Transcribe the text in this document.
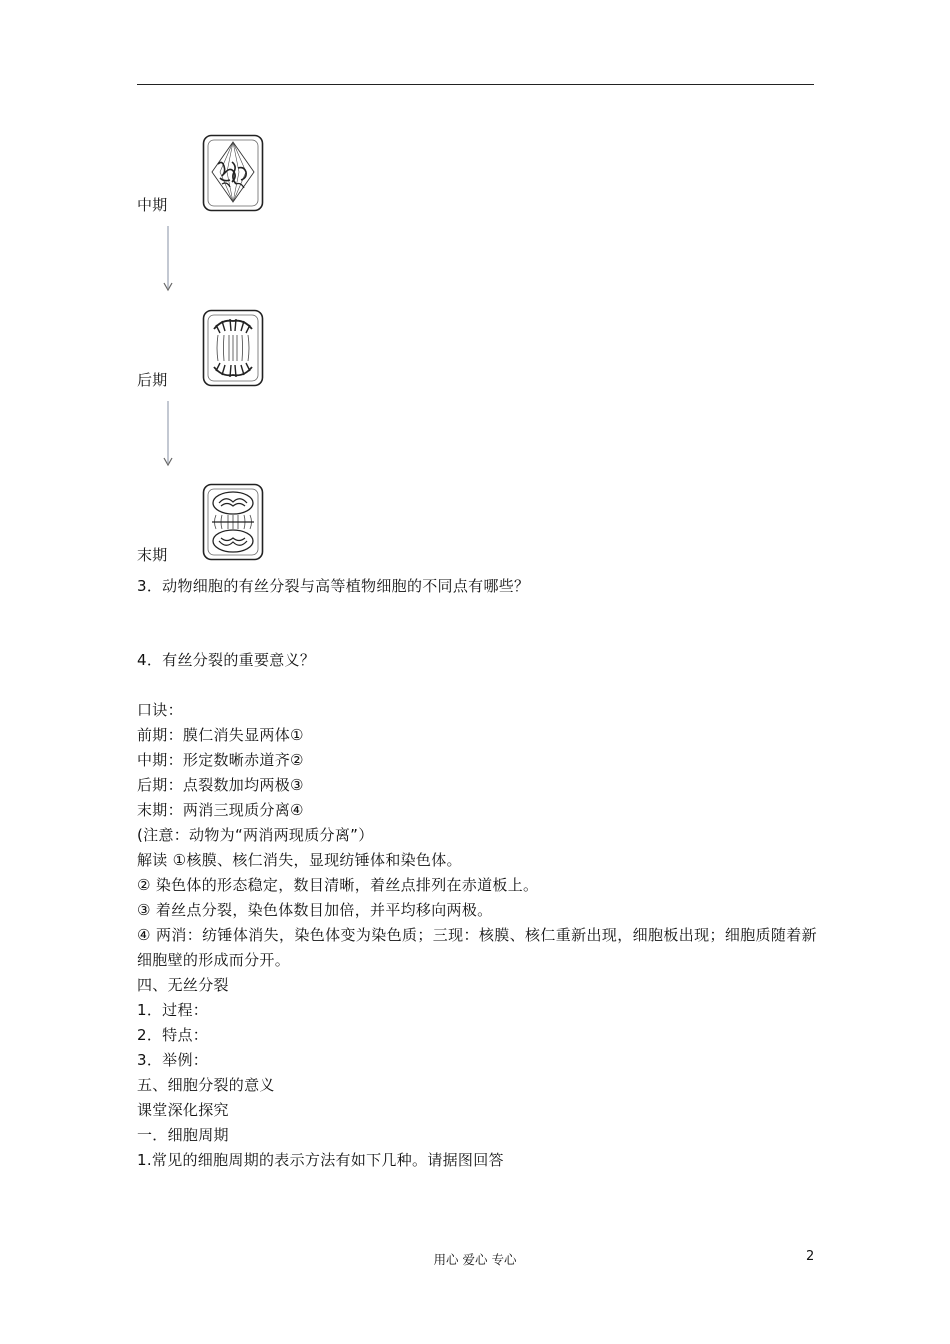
中期
后期
末期
3．动物细胞的有丝分裂与高等植物细胞的不同点有哪些？
4．有丝分裂的重要意义？
口诀：
前期：膜仁消失显两体①
中期：形定数晰赤道齐②
后期：点裂数加均两极③
末期：两消三现质分离④
(注意：动物为“两消两现质分离”）
解读 ①核膜、核仁消失，显现纺锤体和染色体。
② 染色体的形态稳定，数目清晰，着丝点排列在赤道板上。
③ 着丝点分裂，染色体数目加倍，并平均移向两极。
④ 两消：纺锤体消失，染色体变为染色质；三现：核膜、核仁重新出现，细胞板出现；细胞质随着新细胞壁的形成而分开。
四、无丝分裂
1．过程：
2．特点：
3．举例：
五、细胞分裂的意义
课堂深化探究
一．细胞周期
1.常见的细胞周期的表示方法有如下几种。请据图回答
用心 爱心 专心	2
